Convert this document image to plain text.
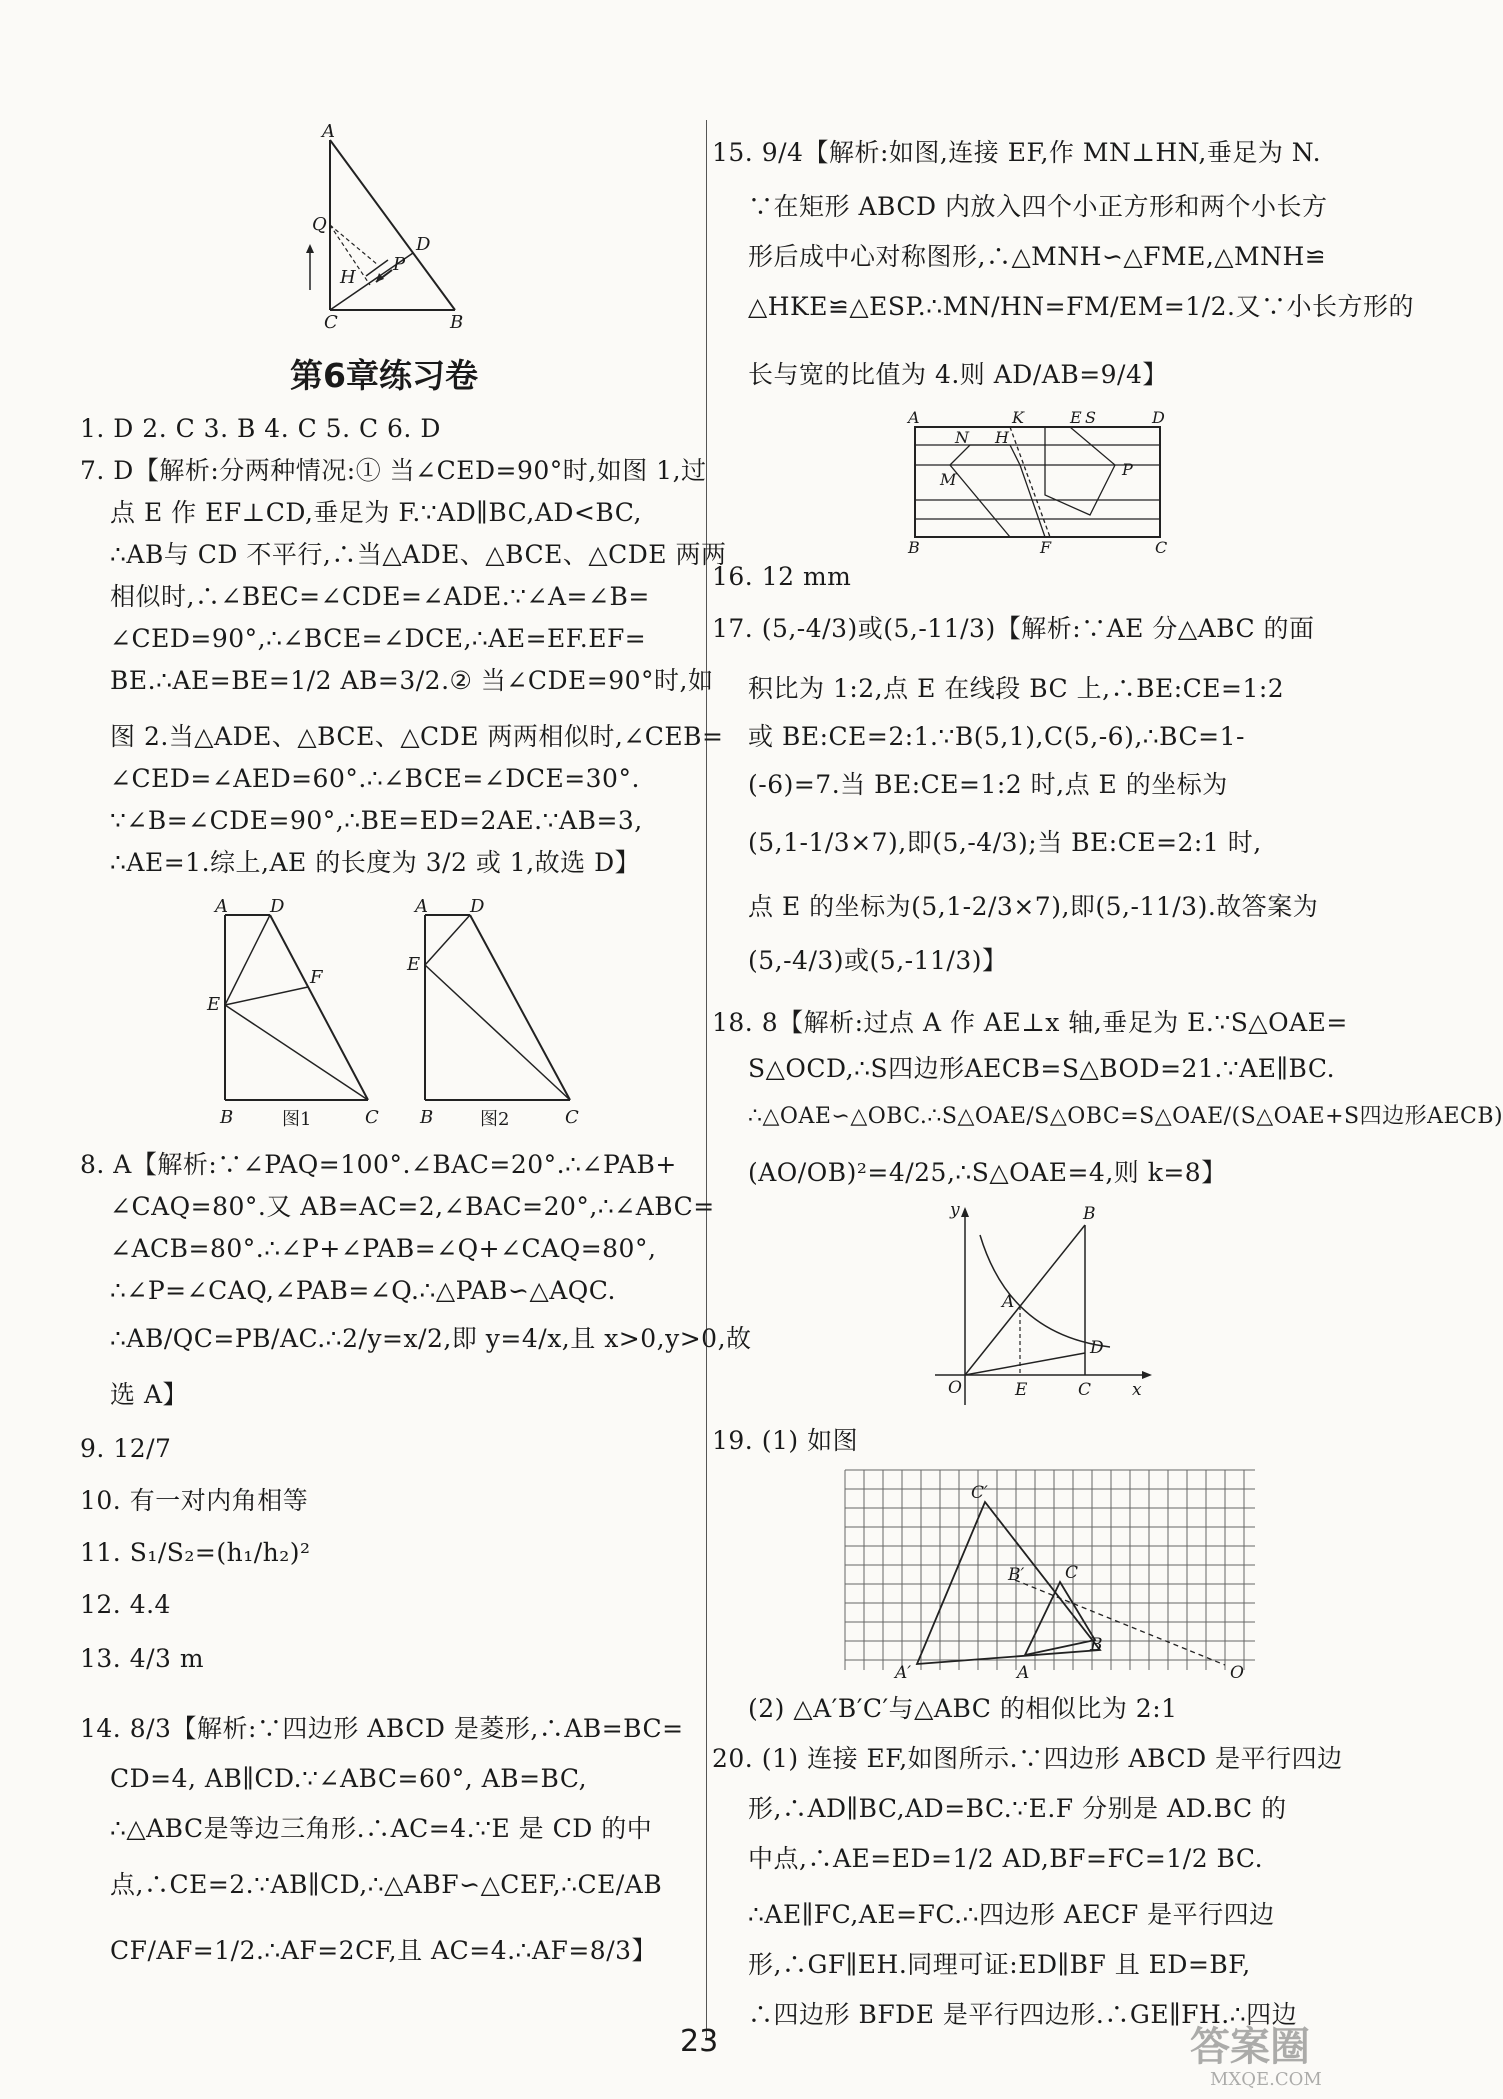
A
Q
D
H
P
C	B
第6章练习卷
1. D 2. C 3. B 4. C 5. C 6. D
7. D【解析:分两种情况:① 当∠CED=90°时,如图 1,过
点 E 作 EF⊥CD,垂足为 F.∵AD∥BC,AD<BC,
∴AB与 CD 不平行,∴当△ADE、△BCE、△CDE 两两
相似时,∴∠BEC=∠CDE=∠ADE.∵∠A=∠B=
∠CED=90°,∴∠BCE=∠DCE,∴AE=EF.EF=
BE.∴AE=BE=1/2 AB=3/2.② 当∠CDE=90°时,如
图 2.当△ADE、△BCE、△CDE 两两相似时,∠CEB=
∠CED=∠AED=60°.∴∠BCE=∠DCE=30°.
∵∠B=∠CDE=90°,∴BE=ED=2AE.∵AB=3,
∴AE=1.综上,AE 的长度为 3/2 或 1,故选 D】
8. A【解析:∵∠PAQ=100°.∠BAC=20°.∴∠PAB+
∠CAQ=80°.又 AB=AC=2,∠BAC=20°,∴∠ABC=
∠ACB=80°.∴∠P+∠PAB=∠Q+∠CAQ=80°,
∴∠P=∠CAQ,∠PAB=∠Q.∴△PAB∽△AQC.
∴AB/QC=PB/AC.∴2/y=x/2,即 y=4/x,且 x>0,y>0,故
选 A】
9. 12/7
10. 有一对内角相等
11. S₁/S₂=(h₁/h₂)²
12. 4.4
13. 4/3 m
14. 8/3【解析:∵四边形 ABCD 是菱形,∴AB=BC=
CD=4, AB∥CD.∵∠ABC=60°, AB=BC,
∴△ABC是等边三角形.∴AC=4.∵E 是 CD 的中
点,∴CE=2.∵AB∥CD,∴△ABF∽△CEF,∴CE/AB
CF/AF=1/2.∴AF=2CF,且 AC=4.∴AF=8/3】
A D
F
E
B	C
图1
A D
E
B	C
图2
15. 9/4【解析:如图,连接 EF,作 MN⊥HN,垂足为 N.
∵在矩形 ABCD 内放入四个小正方形和两个小长方
形后成中心对称图形,∴△MNH∽△FME,△MNH≌
△HKE≌△ESP.∴MN/HN=FM/EM=1/2.又∵小长方形的
长与宽的比值为 4.则 AD/AB=9/4】
16. 12 mm
17. (5,-4/3)或(5,-11/3)【解析:∵AE 分△ABC 的面
积比为 1:2,点 E 在线段 BC 上,∴BE:CE=1:2
或 BE:CE=2:1.∵B(5,1),C(5,-6),∴BC=1-
(-6)=7.当 BE:CE=1:2 时,点 E 的坐标为
(5,1-1/3×7),即(5,-4/3);当 BE:CE=2:1 时,
点 E 的坐标为(5,1-2/3×7),即(5,-11/3).故答案为
(5,-4/3)或(5,-11/3)】
18. 8【解析:过点 A 作 AE⊥x 轴,垂足为 E.∵S△OAE=
S△OCD,∴S四边形AECB=S△BOD=21.∵AE∥BC.
∴△OAE∽△OBC.∴S△OAE/S△OBC=S△OAE/(S△OAE+S四边形AECB)
(AO/OB)²=4/25,∴S△OAE=4,则 k=8】
19. (1) 如图
(2) △A′B′C′与△ABC 的相似比为 2:1
20. (1) 连接 EF,如图所示.∵四边形 ABCD 是平行四边
形,∴AD∥BC,AD=BC.∵E.F 分别是 AD.BC 的
中点,∴AE=ED=1/2 AD,BF=FC=1/2 BC.
∴AE∥FC,AE=FC.∴四边形 AECF 是平行四边
形,∴GF∥EH.同理可证:ED∥BF 且 ED=BF,
∴四边形 BFDE 是平行四边形.∴GE∥FH.∴四边
A	K	E S	D
N H
M
P
B	F	C
y	B
A
D
O	E	C x
C′
B′ C
B
A′	A	O
23	答案圈
MXQE.COM
